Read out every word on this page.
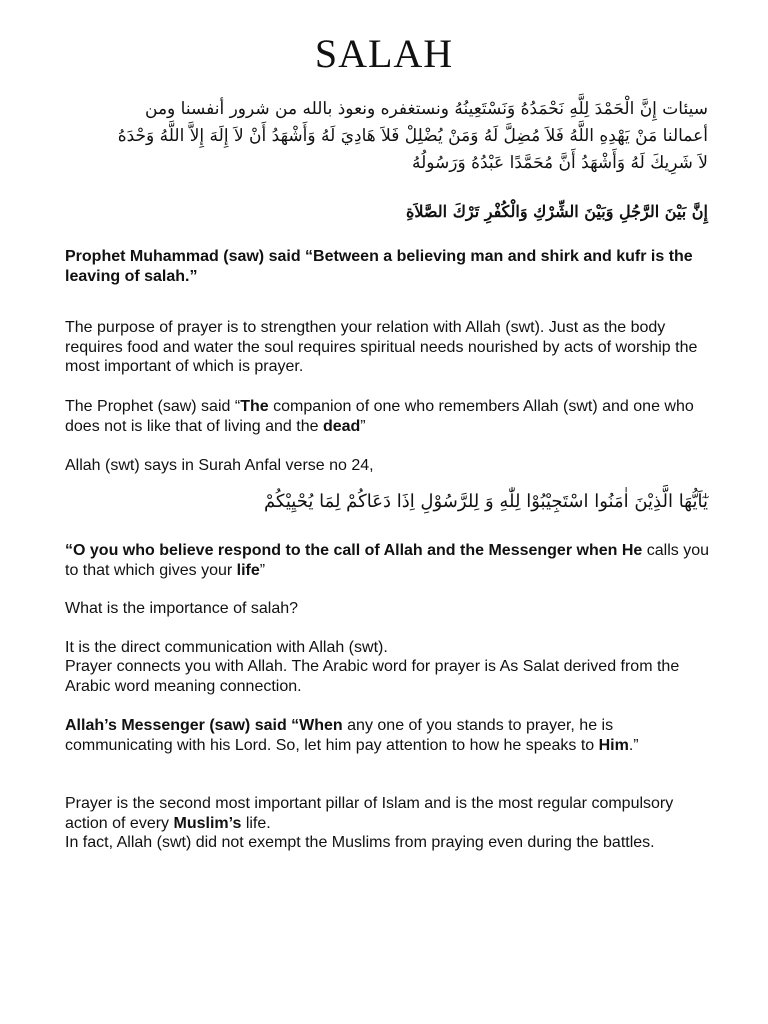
SALAH
سيئات إِنَّ الْحَمْدَ لِلَّهِ نَحْمَدُهُ وَنَسْتَعِينُهُ ونستغفره ونعوذ بالله من شرور أنفسنا ومن أعمالنا مَنْ يَهْدِهِ اللَّهُ فَلاَ مُضِلَّ لَهُ وَمَنْ يُضْلِلْ فَلاَ هَادِيَ لَهُ وَأَشْهَدُ أَنْ لاَ إِلَهَ إِلاَّ اللَّهُ وَحْدَهُ لاَ شَرِيكَ لَهُ وَأَشْهَدُ أَنَّ مُحَمَّدًا عَبْدُهُ وَرَسُولُهُ
إِنَّ بَيْنَ الرَّجُلِ وَبَيْنَ الشِّرْكِ وَالْكُفْرِ تَرْكَ الصَّلاَةِ

Prophet Muhammad (saw) said “Between a believing man and shirk and kufr is the leaving of salah.”

The purpose of prayer is to strengthen your relation with Allah (swt). Just as the body requires food and water the soul requires spiritual needs nourished by acts of worship the most important of which is prayer.

The Prophet (saw) said “The companion of one who remembers Allah (swt) and one who does not is like that of living and the dead”

Allah (swt) says in Surah Anfal verse no 24,

يٰٓاَيُّهَا الَّذِيْنَ اٰمَنُوا اسْتَجِيْبُوْا لِلّٰهِ وَ لِلرَّسُوْلِ اِذَا دَعَاكُمْ لِمَا يُحْيِيْكُمْ

“O you who believe respond to the call of Allah and the Messenger when He calls you to that which gives your life”

What is the importance of salah?

It is the direct communication with Allah (swt).

Prayer connects you with Allah. The Arabic word for prayer is As Salat derived from the Arabic word meaning connection.

Allah’s Messenger (saw) said “When any one of you stands to prayer, he is communicating with his Lord. So, let him pay attention to how he speaks to Him.”

Prayer is the second most important pillar of Islam and is the most regular compulsory action of every Muslim’s life.

In fact, Allah (swt) did not exempt the Muslims from praying even during the battles.
